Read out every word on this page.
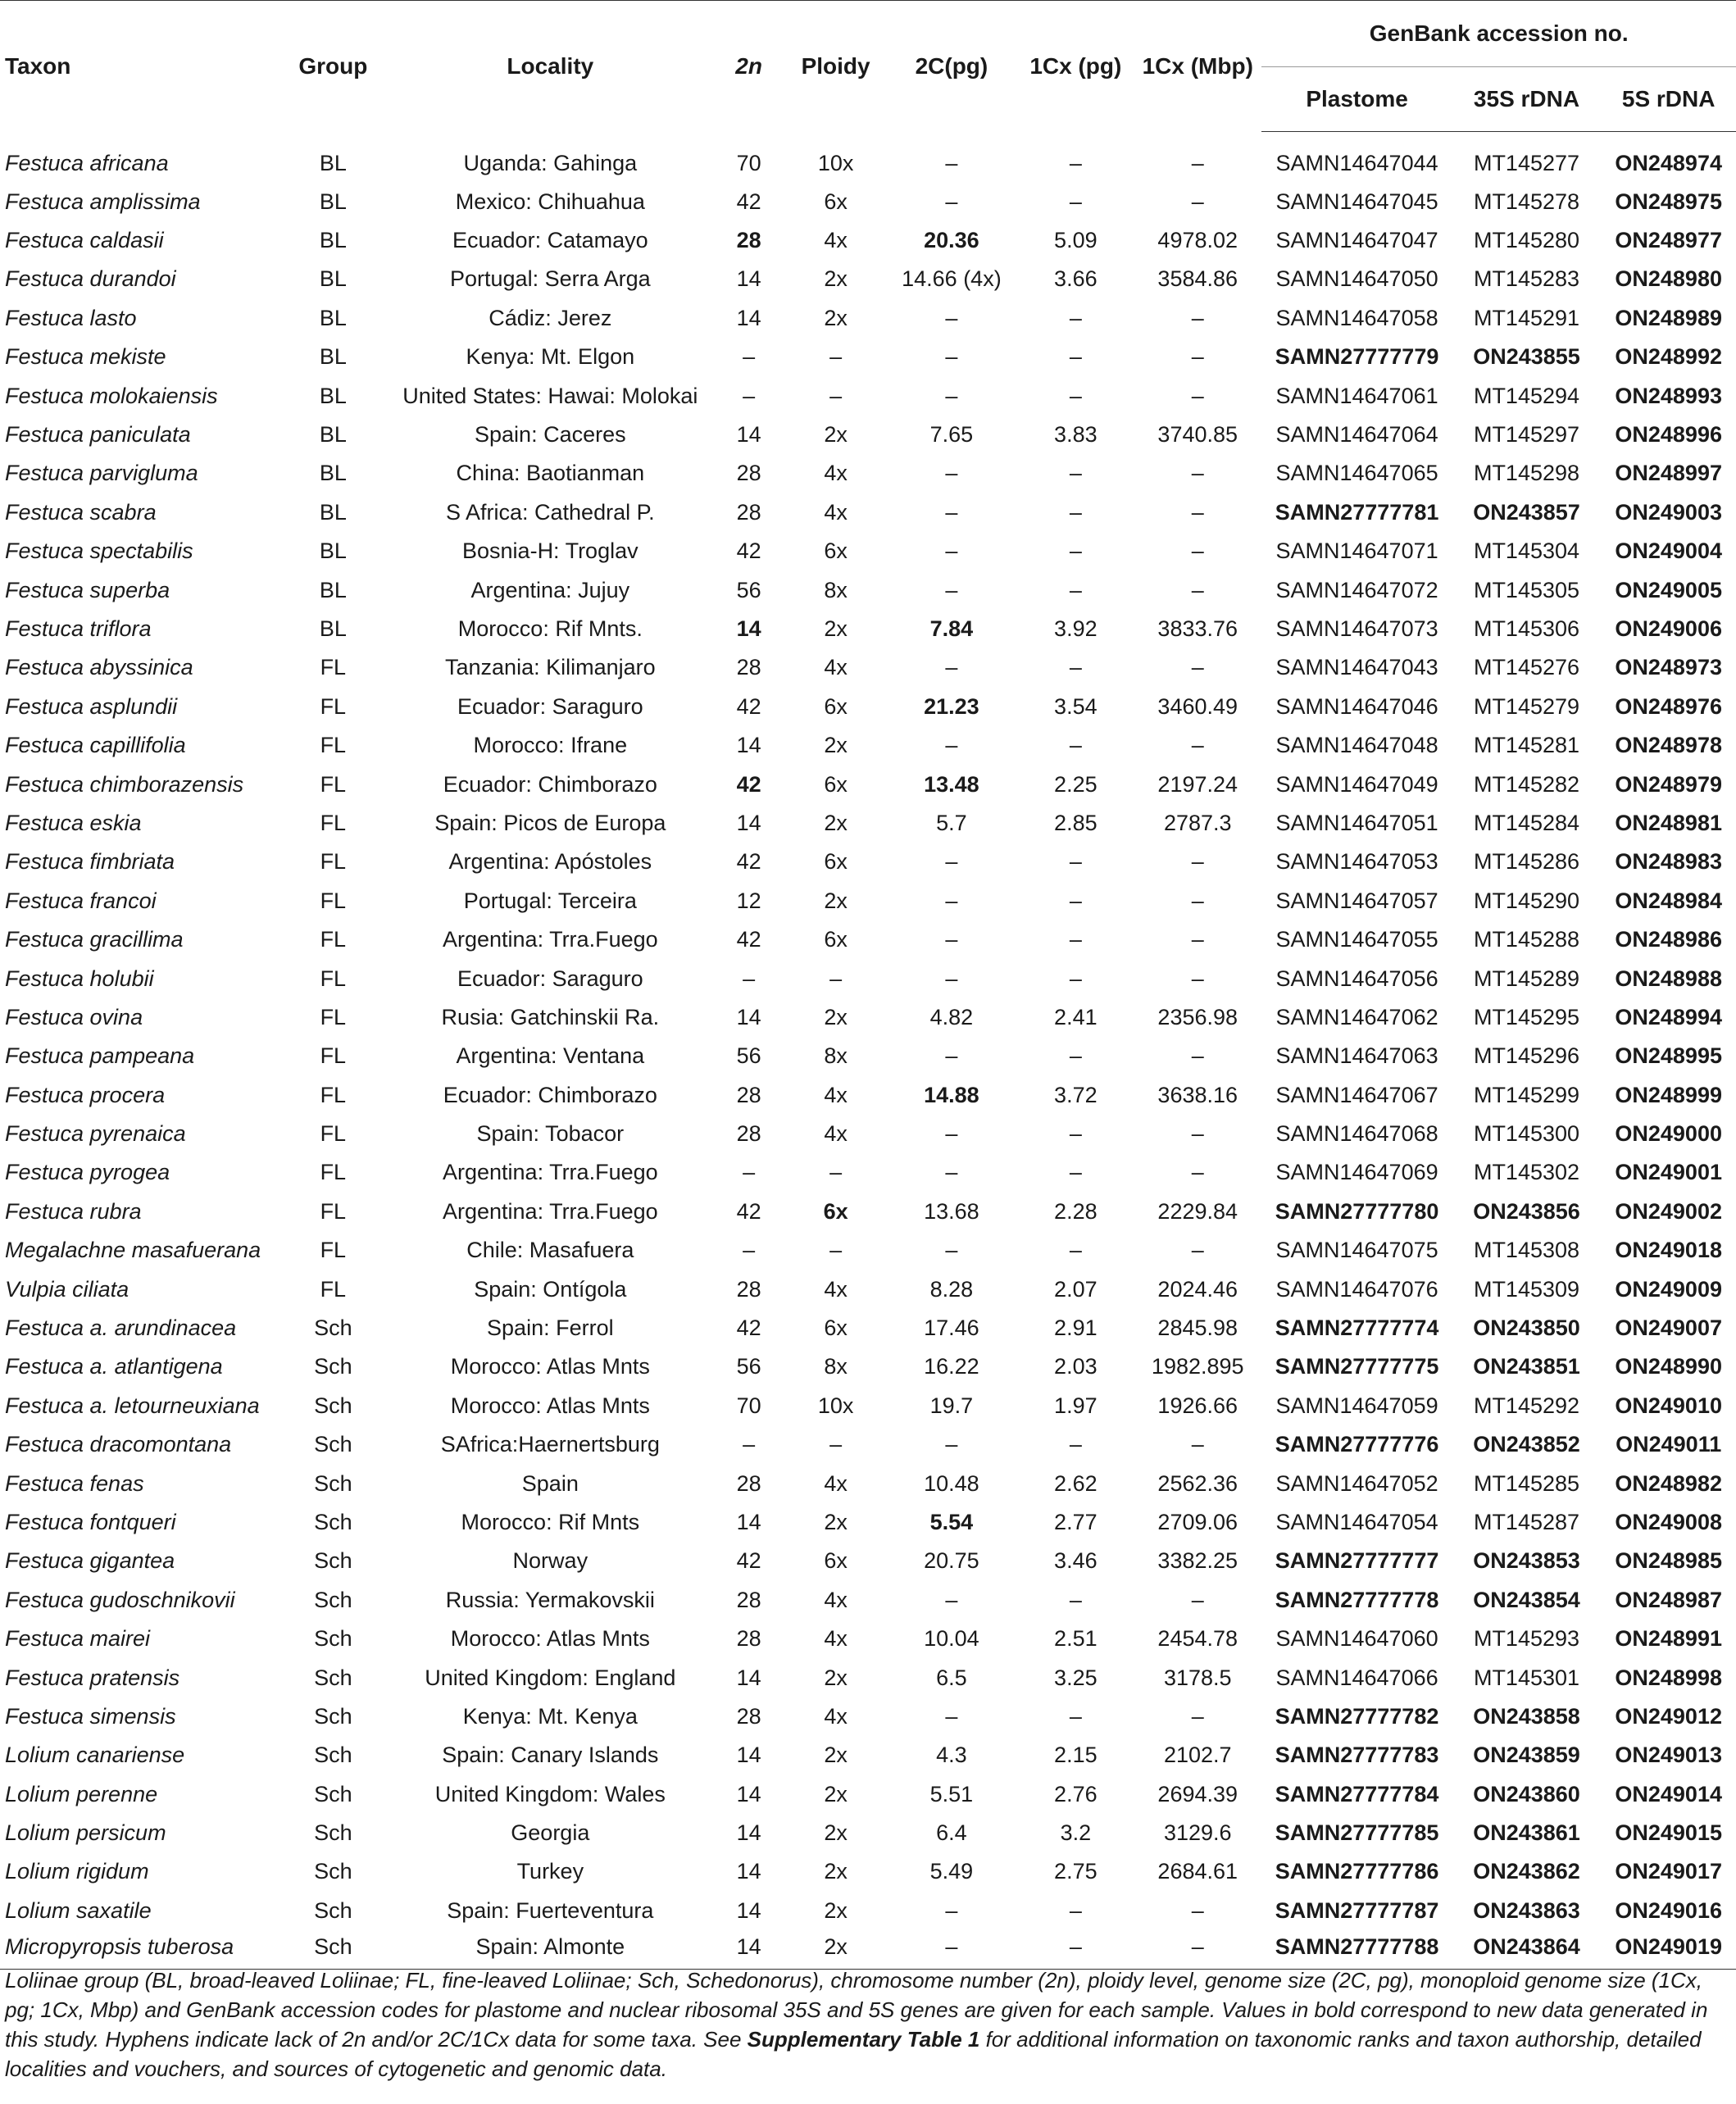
Taxon	Group	Locality	2n	Ploidy	2C(pg)	1Cx (pg)	1Cx (Mbp)	GenBank accession no.		
								Plastome	35S rDNA	5S rDNA
Festuca africana	BL	Uganda: Gahinga	70	10x	–	–	–	SAMN14647044	MT145277	ON248974
Festuca amplissima	BL	Mexico: Chihuahua	42	6x	–	–	–	SAMN14647045	MT145278	ON248975
Festuca caldasii	BL	Ecuador: Catamayo	28	4x	20.36	5.09	4978.02	SAMN14647047	MT145280	ON248977
Festuca durandoi	BL	Portugal: Serra Arga	14	2x	14.66 (4x)	3.66	3584.86	SAMN14647050	MT145283	ON248980
Festuca lasto	BL	Cádiz: Jerez	14	2x	–	–	–	SAMN14647058	MT145291	ON248989
Festuca mekiste	BL	Kenya: Mt. Elgon	–	–	–	–	–	SAMN27777779	ON243855	ON248992
Festuca molokaiensis	BL	United States: Hawai: Molokai	–	–	–	–	–	SAMN14647061	MT145294	ON248993
Festuca paniculata	BL	Spain: Caceres	14	2x	7.65	3.83	3740.85	SAMN14647064	MT145297	ON248996
Festuca parvigluma	BL	China: Baotianman	28	4x	–	–	–	SAMN14647065	MT145298	ON248997
Festuca scabra	BL	S Africa: Cathedral P.	28	4x	–	–	–	SAMN27777781	ON243857	ON249003
Festuca spectabilis	BL	Bosnia-H: Troglav	42	6x	–	–	–	SAMN14647071	MT145304	ON249004
Festuca superba	BL	Argentina: Jujuy	56	8x	–	–	–	SAMN14647072	MT145305	ON249005
Festuca triflora	BL	Morocco: Rif Mnts.	14	2x	7.84	3.92	3833.76	SAMN14647073	MT145306	ON249006
Festuca abyssinica	FL	Tanzania: Kilimanjaro	28	4x	–	–	–	SAMN14647043	MT145276	ON248973
Festuca asplundii	FL	Ecuador: Saraguro	42	6x	21.23	3.54	3460.49	SAMN14647046	MT145279	ON248976
Festuca capillifolia	FL	Morocco: Ifrane	14	2x	–	–	–	SAMN14647048	MT145281	ON248978
Festuca chimborazensis	FL	Ecuador: Chimborazo	42	6x	13.48	2.25	2197.24	SAMN14647049	MT145282	ON248979
Festuca eskia	FL	Spain: Picos de Europa	14	2x	5.7	2.85	2787.3	SAMN14647051	MT145284	ON248981
Festuca fimbriata	FL	Argentina: Apóstoles	42	6x	–	–	–	SAMN14647053	MT145286	ON248983
Festuca francoi	FL	Portugal: Terceira	12	2x	–	–	–	SAMN14647057	MT145290	ON248984
Festuca gracillima	FL	Argentina: Trra.Fuego	42	6x	–	–	–	SAMN14647055	MT145288	ON248986
Festuca holubii	FL	Ecuador: Saraguro	–	–	–	–	–	SAMN14647056	MT145289	ON248988
Festuca ovina	FL	Rusia: Gatchinskii Ra.	14	2x	4.82	2.41	2356.98	SAMN14647062	MT145295	ON248994
Festuca pampeana	FL	Argentina: Ventana	56	8x	–	–	–	SAMN14647063	MT145296	ON248995
Festuca procera	FL	Ecuador: Chimborazo	28	4x	14.88	3.72	3638.16	SAMN14647067	MT145299	ON248999
Festuca pyrenaica	FL	Spain: Tobacor	28	4x	–	–	–	SAMN14647068	MT145300	ON249000
Festuca pyrogea	FL	Argentina: Trra.Fuego	–	–	–	–	–	SAMN14647069	MT145302	ON249001
Festuca rubra	FL	Argentina: Trra.Fuego	42	6x	13.68	2.28	2229.84	SAMN27777780	ON243856	ON249002
Megalachne masafuerana	FL	Chile: Masafuera	–	–	–	–	–	SAMN14647075	MT145308	ON249018
Vulpia ciliata	FL	Spain: Ontígola	28	4x	8.28	2.07	2024.46	SAMN14647076	MT145309	ON249009
Festuca a. arundinacea	Sch	Spain: Ferrol	42	6x	17.46	2.91	2845.98	SAMN27777774	ON243850	ON249007
Festuca a. atlantigena	Sch	Morocco: Atlas Mnts	56	8x	16.22	2.03	1982.895	SAMN27777775	ON243851	ON248990
Festuca a. letourneuxiana	Sch	Morocco: Atlas Mnts	70	10x	19.7	1.97	1926.66	SAMN14647059	MT145292	ON249010
Festuca dracomontana	Sch	SAfrica:Haernertsburg	–	–	–	–	–	SAMN27777776	ON243852	ON249011
Festuca fenas	Sch	Spain	28	4x	10.48	2.62	2562.36	SAMN14647052	MT145285	ON248982
Festuca fontqueri	Sch	Morocco: Rif Mnts	14	2x	5.54	2.77	2709.06	SAMN14647054	MT145287	ON249008
Festuca gigantea	Sch	Norway	42	6x	20.75	3.46	3382.25	SAMN27777777	ON243853	ON248985
Festuca gudoschnikovii	Sch	Russia: Yermakovskii	28	4x	–	–	–	SAMN27777778	ON243854	ON248987
Festuca mairei	Sch	Morocco: Atlas Mnts	28	4x	10.04	2.51	2454.78	SAMN14647060	MT145293	ON248991
Festuca pratensis	Sch	United Kingdom: England	14	2x	6.5	3.25	3178.5	SAMN14647066	MT145301	ON248998
Festuca simensis	Sch	Kenya: Mt. Kenya	28	4x	–	–	–	SAMN27777782	ON243858	ON249012
Lolium canariense	Sch	Spain: Canary Islands	14	2x	4.3	2.15	2102.7	SAMN27777783	ON243859	ON249013
Lolium perenne	Sch	United Kingdom: Wales	14	2x	5.51	2.76	2694.39	SAMN27777784	ON243860	ON249014
Lolium persicum	Sch	Georgia	14	2x	6.4	3.2	3129.6	SAMN27777785	ON243861	ON249015
Lolium rigidum	Sch	Turkey	14	2x	5.49	2.75	2684.61	SAMN27777786	ON243862	ON249017
Lolium saxatile	Sch	Spain: Fuerteventura	14	2x	–	–	–	SAMN27777787	ON243863	ON249016
Micropyropsis tuberosa	Sch	Spain: Almonte	14	2x	–	–	–	SAMN27777788	ON243864	ON249019
Loliinae group (BL, broad-leaved Loliinae; FL, fine-leaved Loliinae; Sch, Schedonorus), chromosome number (2n), ploidy level, genome size (2C, pg), monoploid genome size (1Cx, pg; 1Cx, Mbp) and GenBank accession codes for plastome and nuclear ribosomal 35S and 5S genes are given for each sample. Values in bold correspond to new data generated in this study. Hyphens indicate lack of 2n and/or 2C/1Cx data for some taxa. See Supplementary Table 1 for additional information on taxonomic ranks and taxon authorship, detailed localities and vouchers, and sources of cytogenetic and genomic data.
